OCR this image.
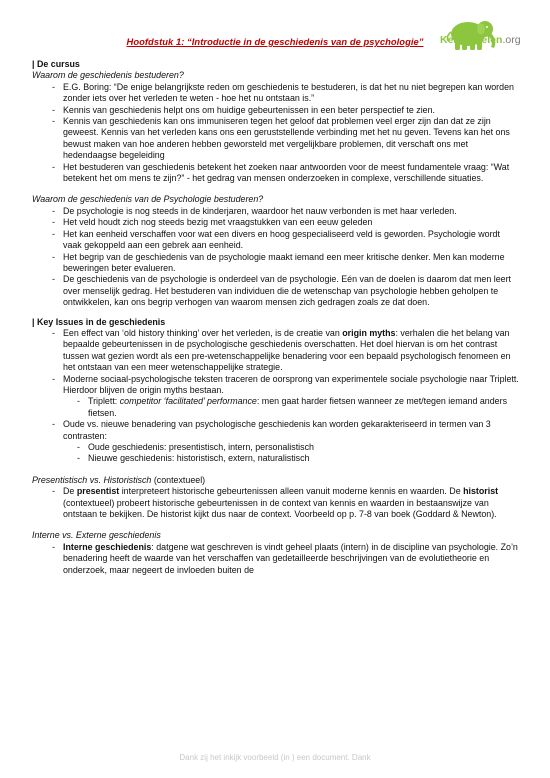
Kennisdelen.org
Hoofdstuk 1: “Introductie in de geschiedenis van de psychologie”
| De cursus
Waarom de geschiedenis bestuderen?
- E.G. Boring: “De enige belangrijkste reden om geschiedenis te bestuderen, is dat het nu niet begrepen kan worden zonder iets over het verleden te weten - hoe het nu ontstaan is.”
- Kennis van geschiedenis helpt ons om huidige gebeurtenissen in een beter perspectief te zien.
- Kennis van geschiedenis kan ons immuniseren tegen het geloof dat problemen veel erger zijn dan dat ze zijn geweest. Kennis van het verleden kans ons een geruststellende verbinding met het nu geven. Tevens kan het ons bewust maken van hoe anderen hebben geworsteld met vergelijkbare problemen, dit verschaft ons met hedendaagse begeleiding
- Het bestuderen van geschiedenis betekent het zoeken naar antwoorden voor de meest fundamentele vraag: “Wat betekent het om mens te zijn?” - het gedrag van mensen onderzoeken in complexe, verschillende situaties.
Waarom de geschiedenis van de Psychologie bestuderen?
- De psychologie is nog steeds in de kinderjaren, waardoor het nauw verbonden is met haar verleden.
- Het veld houdt zich nog steeds bezig met vraagstukken van een eeuw geleden
- Het kan eenheid verschaffen voor wat een divers en hoog gespecialiseerd veld is geworden. Psychologie wordt vaak gekoppeld aan een gebrek aan eenheid.
- Het begrip van de geschiedenis van de psychologie maakt iemand een meer kritische denker. Men kan moderne beweringen beter evalueren.
- De geschiedenis van de psychologie is onderdeel van de psychologie. Eén van de doelen is daarom dat men leert over menselijk gedrag. Het bestuderen van individuen die de wetenschap van psychologie hebben geholpen te ontwikkelen, kan ons begrip verhogen van waarom mensen zich gedragen zoals ze dat doen.
| Key Issues in de geschiedenis
- Een effect van ‘old history thinking’ over het verleden, is de creatie van origin myths: verhalen die het belang van bepaalde gebeurtenissen in de psychologische geschiedenis overschatten. Het doel hiervan is om het contrast tussen wat gezien wordt als een pre-wetenschappelijke benadering voor een bepaald psychologisch fenomeen en het ontstaan van een meer wetenschappelijke strategie.
- Moderne sociaal-psychologische teksten traceren de oorsprong van experimentele sociale psychologie naar Triplett. Hierdoor blijven de origin myths bestaan.
- Triplett: competitor ‘facilitated’ performance: men gaat harder fietsen wanneer ze met/tegen iemand anders fietsen.
- Oude vs. nieuwe benadering van psychologische geschiedenis kan worden gekarakteriseerd in termen van 3 contrasten:
- Oude geschiedenis: presentistisch, intern, personalistisch
- Nieuwe geschiedenis: historistisch, extern, naturalistisch
Presentistisch vs. Historistisch (contextueel)
- De presentist interpreteert historische gebeurtenissen alleen vanuit moderne kennis en waarden. De historist (contextueel) probeert historische gebeurtenissen in de context van kennis en waarden in bestaanswijze van ontstaan te bekijken. De historist kijkt dus naar de context. Voorbeeld op p. 7-8 van boek (Goddard & Newton).
Interne vs. Externe geschiedenis
- Interne geschiedenis: datgene wat geschreven is vindt geheel plaats (intern) in de discipline van psychologie. Zo’n benadering heeft de waarde van het verschaffen van gedetailleerde beschrijvingen van de evolutietheorie en onderzoek, maar negeert de invloeden buiten de
Dank zij het inkijk voorbeeld (in ) een document. Dank
